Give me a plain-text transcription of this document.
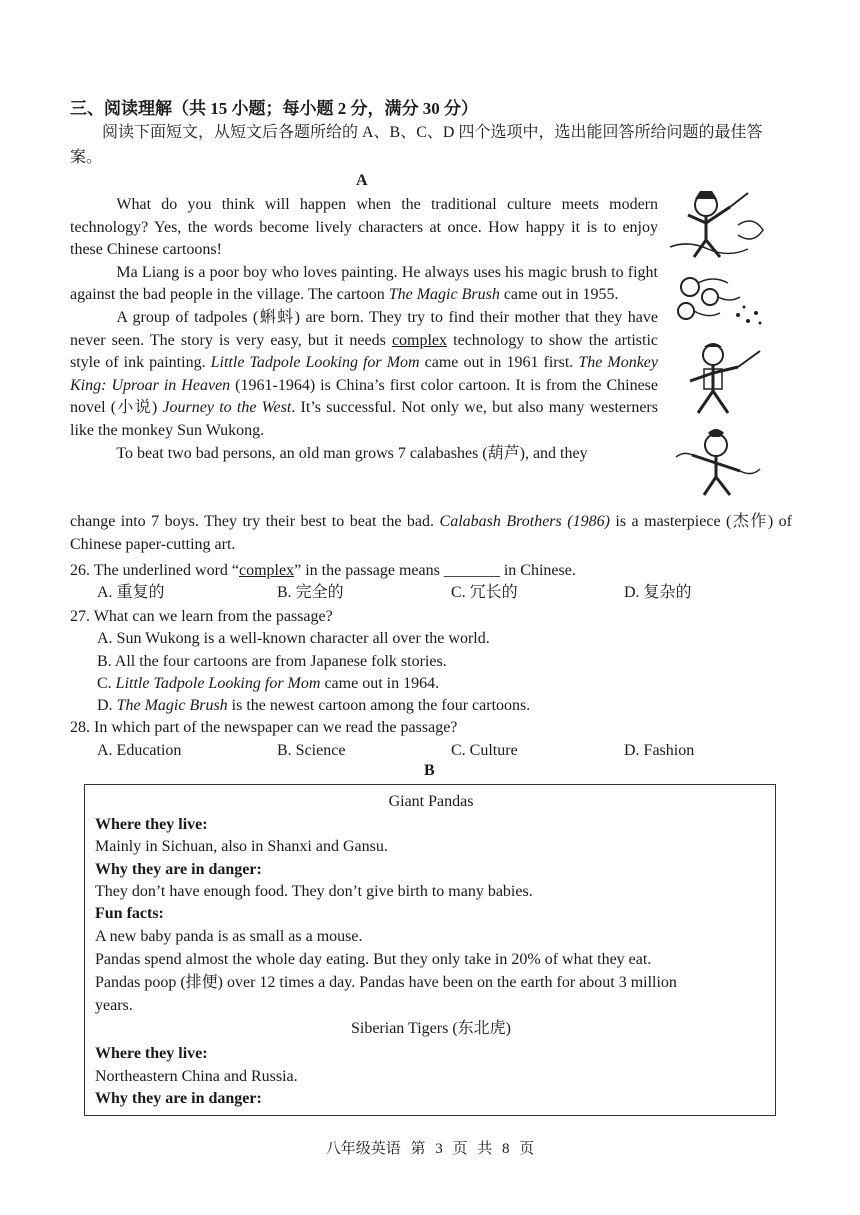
三、阅读理解（共 15 小题；每小题 2 分，满分 30 分）
阅读下面短文，从短文后各题所给的 A、B、C、D 四个选项中，选出能回答所给问题的最佳答案。
A

What do you think will happen when the traditional culture meets modern technology? Yes, the words become lively characters at once. How happy it is to enjoy these Chinese cartoons!

Ma Liang is a poor boy who loves painting. He always uses his magic brush to fight against the bad people in the village. The cartoon The Magic Brush came out in 1955.

A group of tadpoles (蝌蚪) are born. They try to find their mother that they have never seen. The story is very easy, but it needs complex technology to show the artistic style of ink painting. Little Tadpole Looking for Mom came out in 1961 first. The Monkey King: Uproar in Heaven (1961-1964) is China’s first color cartoon. It is from the Chinese novel (小说) Journey to the West. It’s successful. Not only we, but also many westerners like the monkey Sun Wukong.

To beat two bad persons, an old man grows 7 calabashes (葫芦), and they

change into 7 boys. They try their best to beat the bad. Calabash Brothers (1986) is a masterpiece (杰作) of Chinese paper-cutting art.
26. The underlined word “complex” in the passage means _______ in Chinese.
A. 重复的	B. 完全的	C. 冗长的	D. 复杂的
27. What can we learn from the passage?
A. Sun Wukong is a well-known character all over the world.
B. All the four cartoons are from Japanese folk stories.
C. Little Tadpole Looking for Mom came out in 1964.
D. The Magic Brush is the newest cartoon among the four cartoons.
28. In which part of the newspaper can we read the passage?
A. Education	B. Science	C. Culture	D. Fashion
B
Giant Pandas
Where they live:
Mainly in Sichuan, also in Shanxi and Gansu.
Why they are in danger:
They don’t have enough food. They don’t give birth to many babies.
Fun facts:
A new baby panda is as small as a mouse.
Pandas spend almost the whole day eating. But they only take in 20% of what they eat.
Pandas poop (排便) over 12 times a day. Pandas have been on the earth for about 3 million
years.
Siberian Tigers (东北虎)
Where they live:
Northeastern China and Russia.
Why they are in danger:
八年级英语 第 3 页 共 8 页
